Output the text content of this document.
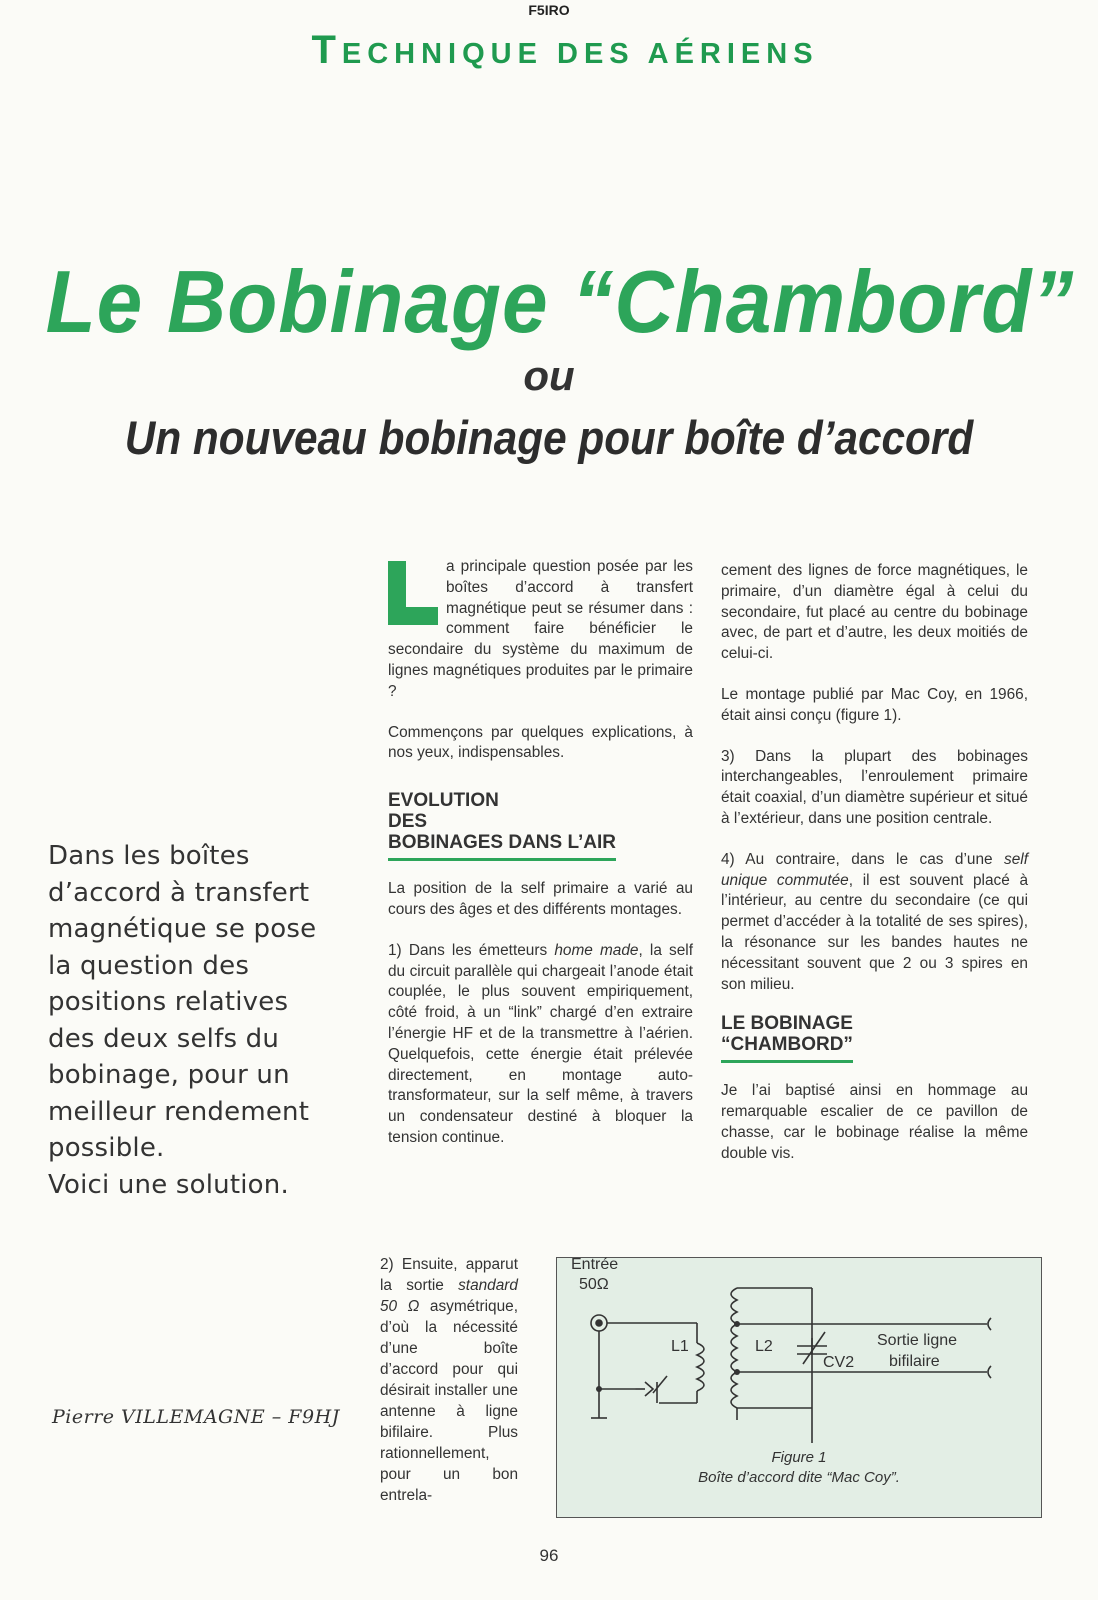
F5IRO
TECHNIQUE DES AÉRIENS
Le Bobinage “Chambord”
ou
Un nouveau bobinage pour boîte d’accord
Dans les boîtes
d’accord à transfert
magnétique se pose
la question des
positions relatives
des deux selfs du
bobinage, pour un
meilleur rendement
possible.
Voici une solution.
Pierre VILLEMAGNE – F9HJ

a principale question posée par les boîtes d’accord à transfert magnétique peut se résumer dans : comment faire bénéficier le secondaire du système du maximum de lignes magnétiques produites par le primaire ?

Commençons par quelques explications, à nos yeux, indispensables.

EVOLUTION
DES
BOBINAGES DANS L’AIR

La position de la self primaire a varié au cours des âges et des différents montages.

1) Dans les émetteurs home made, la self du circuit parallèle qui chargeait l’anode était couplée, le plus souvent empiriquement, côté froid, à un “link” chargé d’en extraire l’énergie HF et de la transmettre à l’aérien. Quelquefois, cette énergie était prélevée directement, en montage auto-transformateur, sur la self même, à travers un condensateur destiné à bloquer la tension continue.

2) Ensuite, apparut la sortie standard 50 Ω asymétrique, d’où la nécessité d’une boîte d’accord pour qui désirait installer une antenne à ligne bifilaire. Plus rationnellement, pour un bon entrela-

cement des lignes de force magnétiques, le primaire, d’un diamètre égal à celui du secondaire, fut placé au centre du bobinage avec, de part et d’autre, les deux moitiés de celui-ci.

Le montage publié par Mac Coy, en 1966, était ainsi conçu (figure 1).

3) Dans la plupart des bobinages interchangeables, l’enroulement primaire était coaxial, d’un diamètre supérieur et situé à l’extérieur, dans une position centrale.

4) Au contraire, dans le cas d’une self unique commutée, il est souvent placé à l’intérieur, au centre du secondaire (ce qui permet d’accéder à la totalité de ses spires), la résonance sur les bandes hautes ne nécessitant souvent que 2 ou 3 spires en son milieu.

LE BOBINAGE
“CHAMBORD”

Je l’ai baptisé ainsi en hommage au remarquable escalier de ce pavillon de chasse, car le bobinage réalise la même double vis.

Entrée
50Ω
L1	L2
CV2
Sortie ligne
bifilaire
Figure 1
Boîte d’accord dite “Mac Coy”.
96
